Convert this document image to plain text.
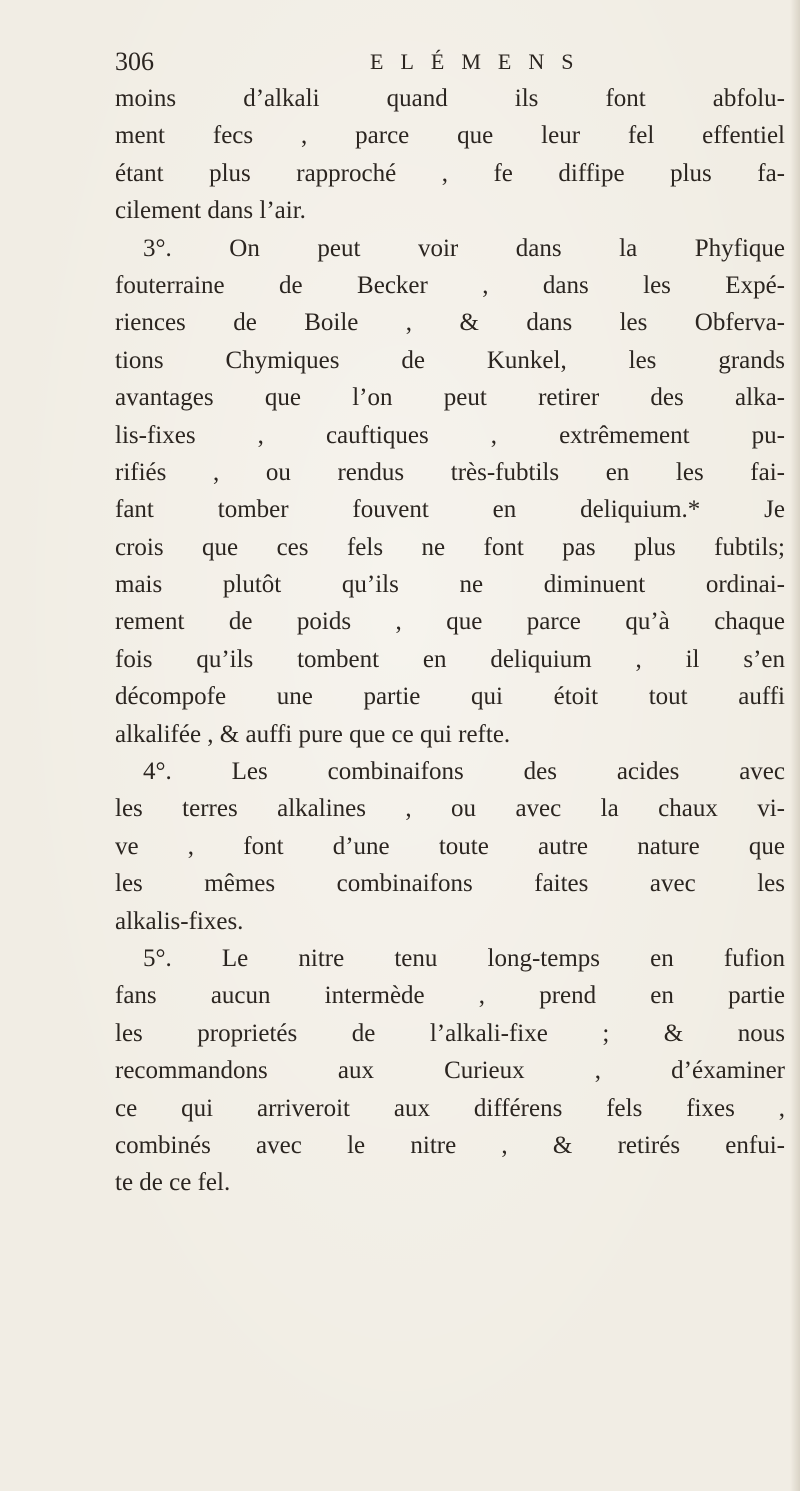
306	ELÉMENS
moins d’alkali quand ils font abfolu-
ment fecs , parce que leur fel effentiel
étant plus rapproché , fe diffipe plus fa-
cilement dans l’air.
3°. On peut voir dans la Phyfique
fouterraine de Becker , dans les Expé-
riences de Boile , & dans les Obferva-
tions Chymiques de Kunkel, les grands
avantages que l’on peut retirer des alka-
lis-fixes , cauftiques , extrêmement pu-
rifiés , ou rendus très-fubtils en les fai-
fant tomber fouvent en deliquium.* Je
crois que ces fels ne font pas plus fubtils;
mais plutôt qu’ils ne diminuent ordinai-
rement de poids , que parce qu’à chaque
fois qu’ils tombent en deliquium , il s’en
décompofe une partie qui étoit tout auffi
alkalifée , & auffi pure que ce qui refte.
4°. Les combinaifons des acides avec
les terres alkalines , ou avec la chaux vi-
ve , font d’une toute autre nature que
les mêmes combinaifons faites avec les
alkalis-fixes.
5°. Le nitre tenu long-temps en fufion
fans aucun intermède , prend en partie
les proprietés de l’alkali-fixe ; & nous
recommandons aux Curieux , d’éxaminer
ce qui arriveroit aux différens fels fixes ,
combinés avec le nitre , & retirés enfui-
te de ce fel.
